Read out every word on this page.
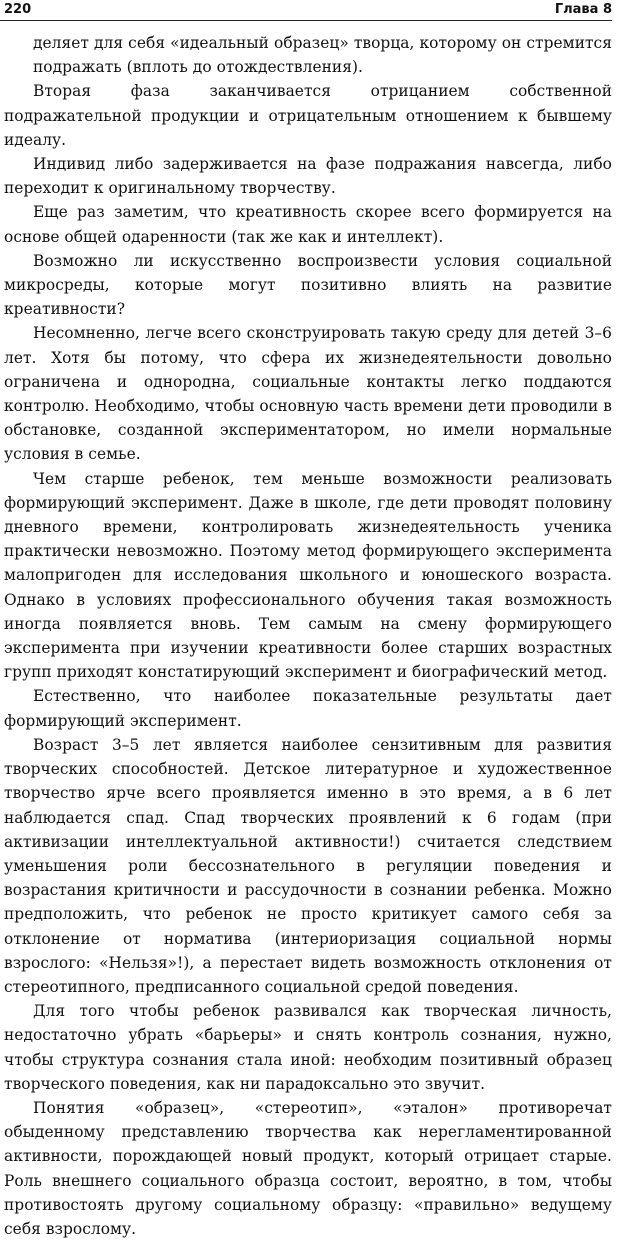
220	Глава 8

деляет для себя «идеальный образец» творца, которому он стремится подражать (вплоть до отождествления).

Вторая фаза заканчивается отрицанием собственной подражательной продукции и отрицательным отношением к бывшему идеалу.

Индивид либо задерживается на фазе подражания навсегда, либо переходит к оригинальному творчеству.

Еще раз заметим, что креативность скорее всего формируется на основе общей одаренности (так же как и интеллект).

Возможно ли искусственно воспроизвести условия социальной микросреды, которые могут позитивно влиять на развитие креативности?

Несомненно, легче всего сконструировать такую среду для детей 3–6 лет. Хотя бы потому, что сфера их жизнедеятельности довольно ограничена и однородна, социальные контакты легко поддаются контролю. Необходимо, чтобы основную часть времени дети проводили в обстановке, созданной экспериментатором, но имели нормальные условия в семье.

Чем старше ребенок, тем меньше возможности реализовать формирующий эксперимент. Даже в школе, где дети проводят половину дневного времени, контролировать жизнедеятельность ученика практически невозможно. Поэтому метод формирующего эксперимента малопригоден для исследования школьного и юношеского возраста. Однако в условиях профессионального обучения такая возможность иногда появляется вновь. Тем самым на смену формирующего эксперимента при изучении креативности более старших возрастных групп приходят констатирующий эксперимент и биографический метод.

Естественно, что наиболее показательные результаты дает формирующий эксперимент.

Возраст 3–5 лет является наиболее сензитивным для развития творческих способностей. Детское литературное и художественное творчество ярче всего проявляется именно в это время, а в 6 лет наблюдается спад. Спад творческих проявлений к 6 годам (при активизации интеллектуальной активности!) считается следствием уменьшения роли бессознательного в регуляции поведения и возрастания критичности и рассудочности в сознании ребенка. Можно предположить, что ребенок не просто критикует самого себя за отклонение от норматива (интериоризация социальной нормы взрослого: «Нельзя»!), а перестает видеть возможность отклонения от стереотипного, предписанного социальной средой поведения.

Для того чтобы ребенок развивался как творческая личность, недостаточно убрать «барьеры» и снять контроль сознания, нужно, чтобы структура сознания стала иной: необходим позитивный образец творческого поведения, как ни парадоксально это звучит.

Понятия «образец», «стереотип», «эталон» противоречат обыденному представлению творчества как нерегламентированной активности, порождающей новый продукт, который отрицает старые. Роль внешнего социального образца состоит, вероятно, в том, чтобы противостоять другому социальному образцу: «правильно» ведущему себя взрослому.
